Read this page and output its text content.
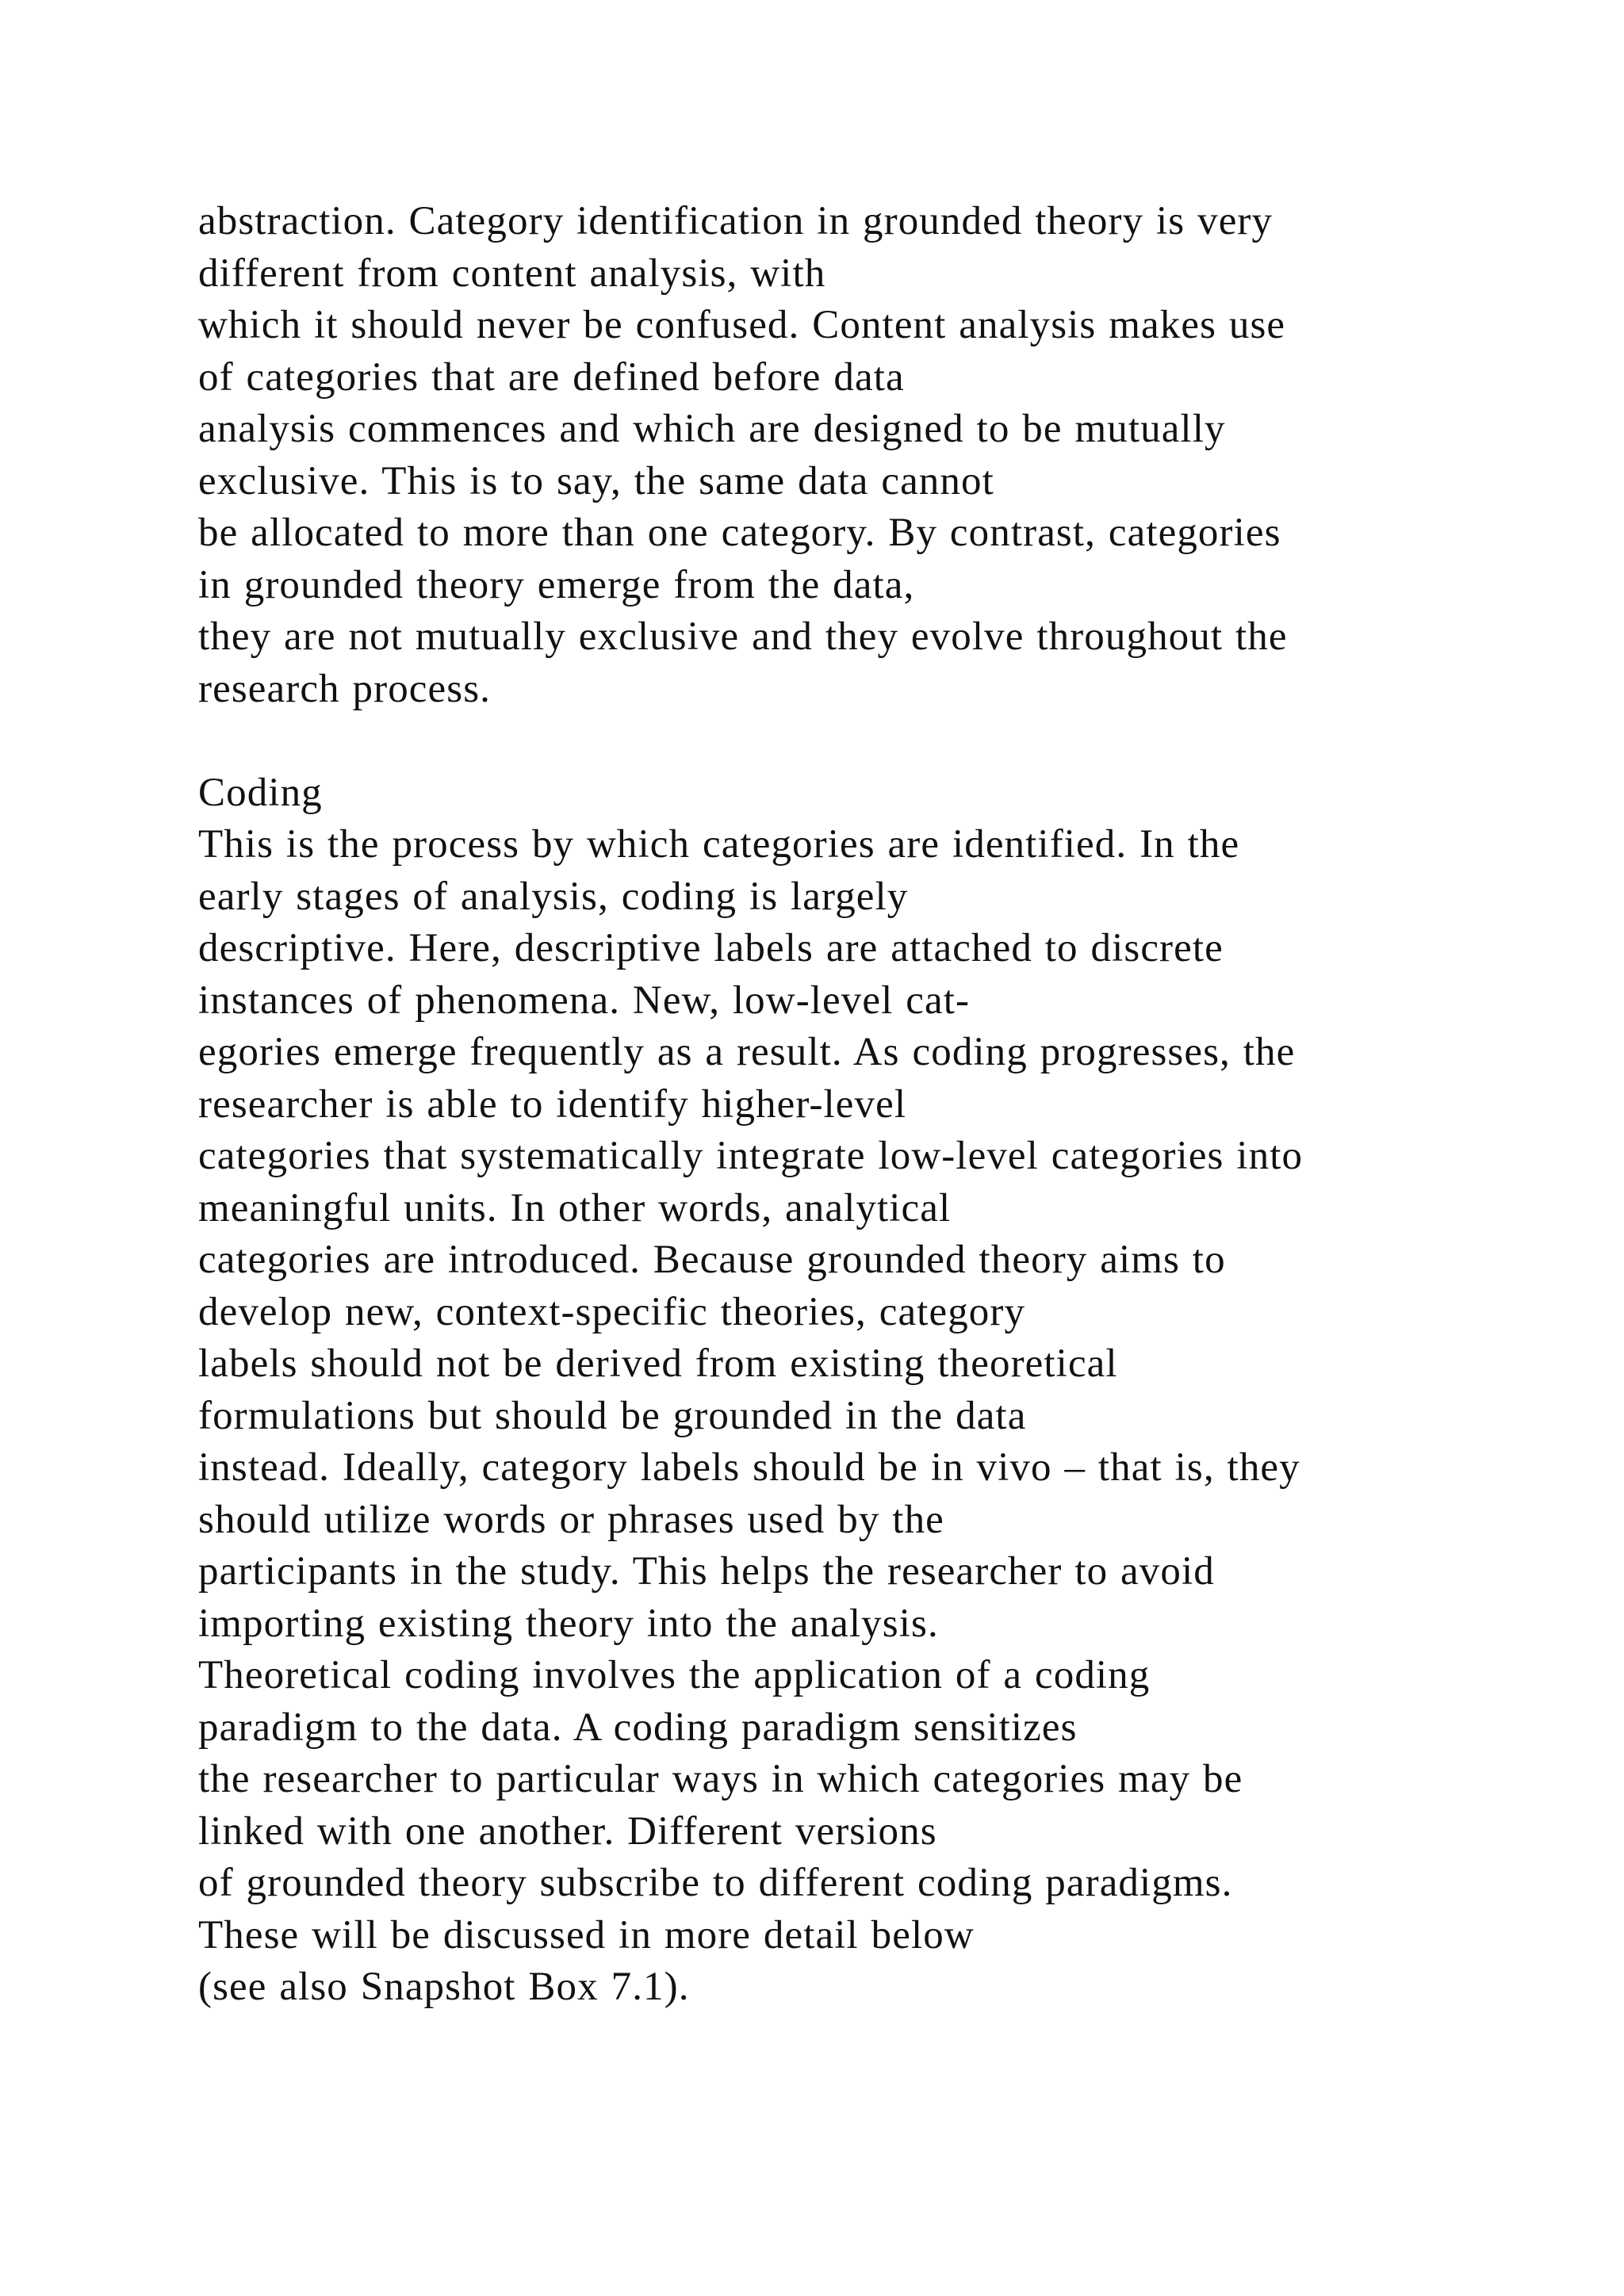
abstraction. Category identification in grounded theory is very
different from content analysis, with
which it should never be confused. Content analysis makes use
of categories that are defined before data
analysis commences and which are designed to be mutually
exclusive. This is to say, the same data cannot
be allocated to more than one category. By contrast, categories
in grounded theory emerge from the data,
they are not mutually exclusive and they evolve throughout the
research process.
Coding
This is the process by which categories are identified. In the
early stages of analysis, coding is largely
descriptive. Here, descriptive labels are attached to discrete
instances of phenomena. New, low-level cat-
egories emerge frequently as a result. As coding progresses, the
researcher is able to identify higher-level
categories that systematically integrate low-level categories into
meaningful units. In other words, analytical
categories are introduced. Because grounded theory aims to
develop new, context-specific theories, category
labels should not be derived from existing theoretical
formulations but should be grounded in the data
instead. Ideally, category labels should be in vivo – that is, they
should utilize words or phrases used by the
participants in the study. This helps the researcher to avoid
importing existing theory into the analysis.
Theoretical coding involves the application of a coding
paradigm to the data. A coding paradigm sensitizes
the researcher to particular ways in which categories may be
linked with one another. Different versions
of grounded theory subscribe to different coding paradigms.
These will be discussed in more detail below
(see also Snapshot Box 7.1).
